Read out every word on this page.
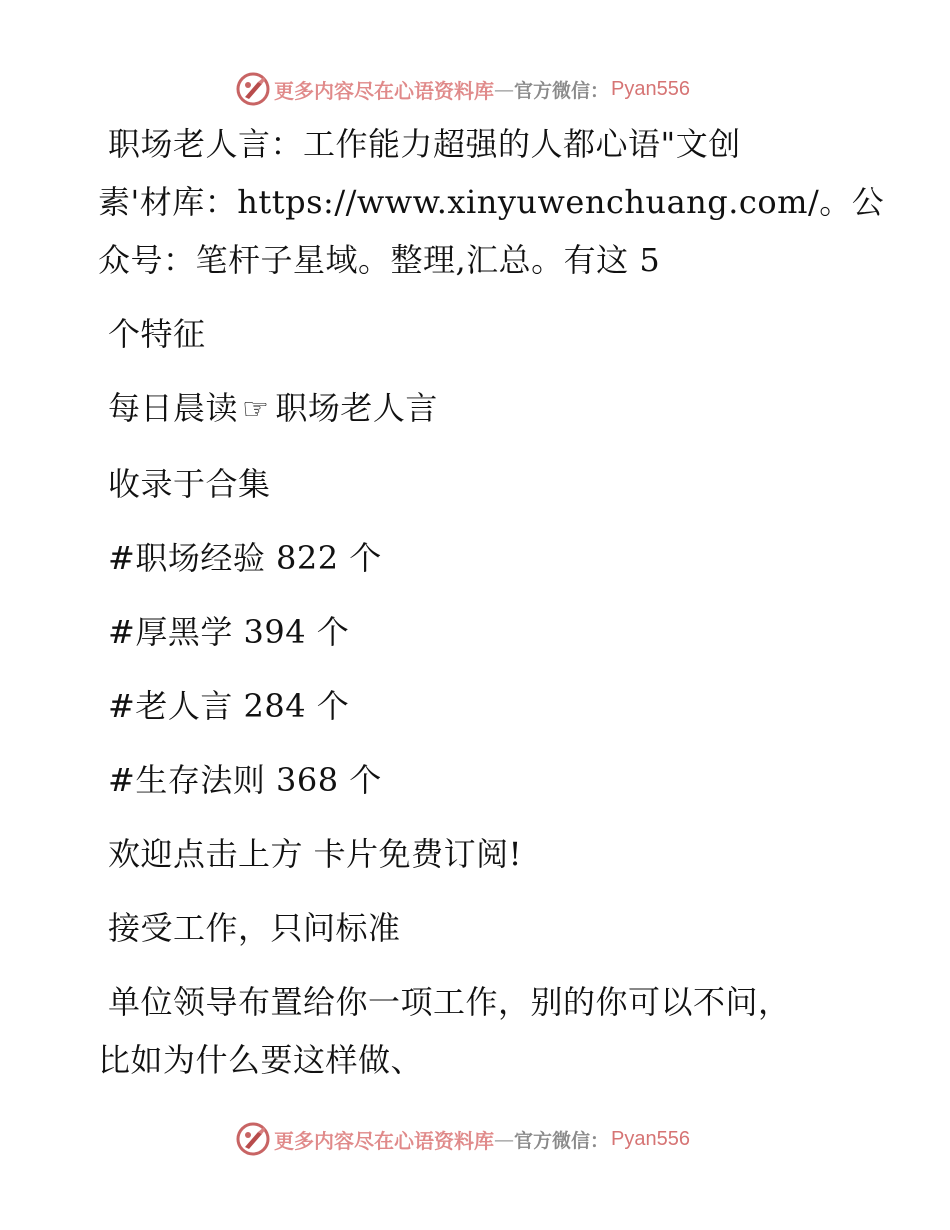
更多内容尽在心语资料库 — 官方微信： Pyan556
职场老人言：工作能力超强的人都心语"文创
素'材库：https://www.xinyuwenchuang.com/。公
众号：笔杆子星域。整理,汇总。有这 5
个特征
每日晨读 ☞ 职场老人言
收录于合集
#职场经验 822 个
#厚黑学 394 个
#老人言 284 个
#生存法则 368 个
欢迎点击上方 卡片免费订阅!
接受工作，只问标准
单位领导布置给你一项工作，别的你可以不问，
比如为什么要这样做、
更多内容尽在心语资料库 — 官方微信： Pyan556
